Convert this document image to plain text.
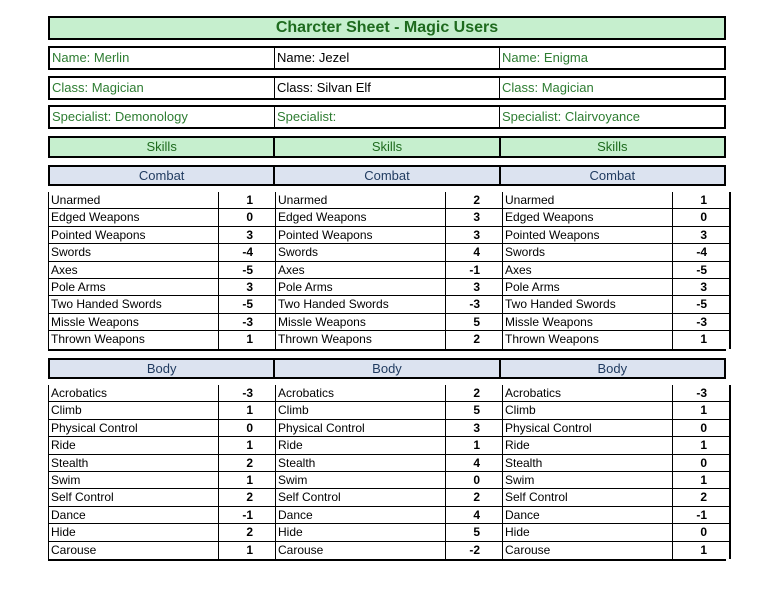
Charcter Sheet - Magic Users
Name: Merlin	Name: Jezel	Name: Enigma
Class: Magician	Class: Silvan Elf	Class: Magician
Specialist: Demonology	Specialist:	Specialist: Clairvoyance
Skills	Skills	Skills
Combat	Combat	Combat
Unarmed	1
Edged Weapons	0
Pointed Weapons	3
Swords	-4
Axes	-5
Pole Arms	3
Two Handed Swords	-5
Missle Weapons	-3
Thrown Weapons	1
Unarmed	2
Edged Weapons	3
Pointed Weapons	3
Swords	4
Axes	-1
Pole Arms	3
Two Handed Swords	-3
Missle Weapons	5
Thrown Weapons	2
Unarmed	1
Edged Weapons	0
Pointed Weapons	3
Swords	-4
Axes	-5
Pole Arms	3
Two Handed Swords	-5
Missle Weapons	-3
Thrown Weapons	1
Body	Body	Body
Acrobatics	-3
Climb	1
Physical Control	0
Ride	1
Stealth	2
Swim	1
Self Control	2
Dance	-1
Hide	2
Carouse	1
Acrobatics	2
Climb	5
Physical Control	3
Ride	1
Stealth	4
Swim	0
Self Control	2
Dance	4
Hide	5
Carouse	-2
Acrobatics	-3
Climb	1
Physical Control	0
Ride	1
Stealth	0
Swim	1
Self Control	2
Dance	-1
Hide	0
Carouse	1
